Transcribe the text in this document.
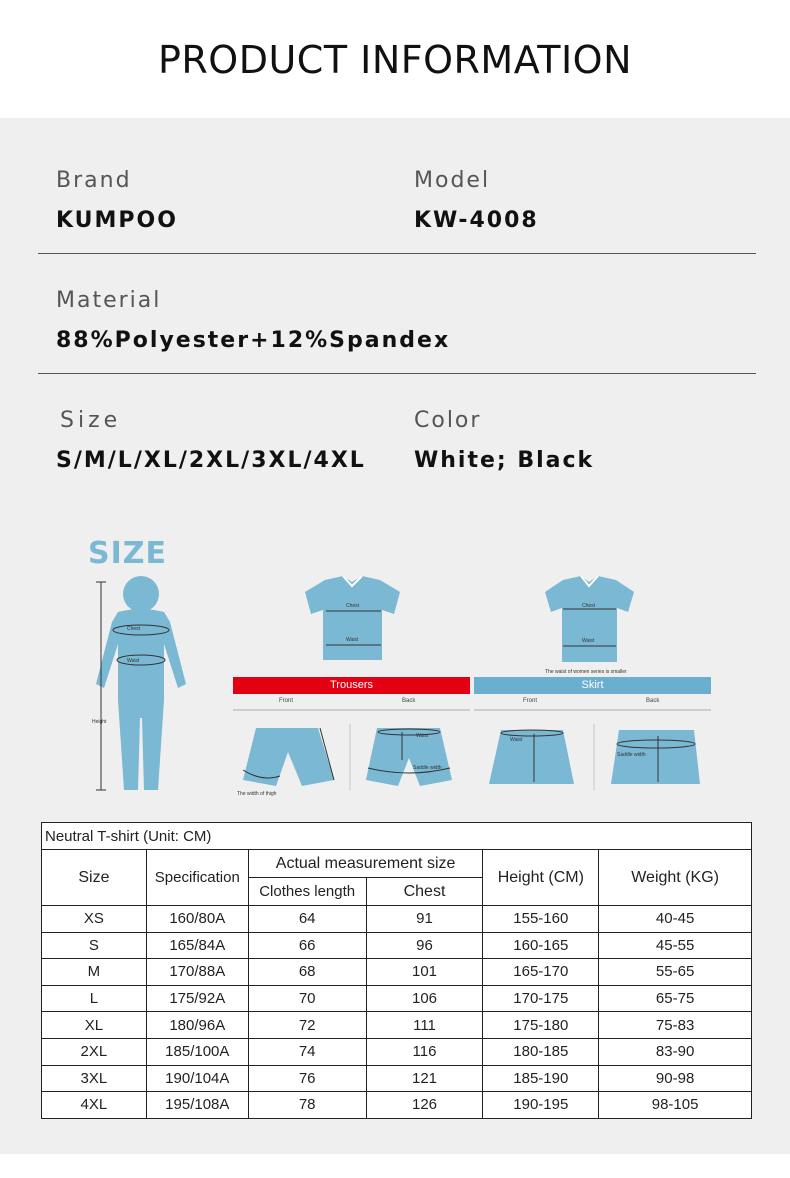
PRODUCT INFORMATION
Brand
KUMPOO
Model
KW-4008
Material
88%Polyester+12%Spandex
Size
S/M/L/XL/2XL/3XL/4XL
Color
White; Black
SIZE
Chest
Waist
Height
Chest
Waist
Chest
Waist
The waist of women series is smaller
The width of thigh
Waist
Saddle width
Waist
Saddle width
Trousers	Skirt
Front	Back	Front	Back
Neutral T-shirt (Unit: CM)					
Size	Specification	Actual measurement size		Height (CM)	Weight (KG)
		Clothes length	Chest		
XS	160/80A	64	91	155-160	40-45
S	165/84A	66	96	160-165	45-55
M	170/88A	68	101	165-170	55-65
L	175/92A	70	106	170-175	65-75
XL	180/96A	72	111	175-180	75-83
2XL	185/100A	74	116	180-185	83-90
3XL	190/104A	76	121	185-190	90-98
4XL	195/108A	78	126	190-195	98-105
